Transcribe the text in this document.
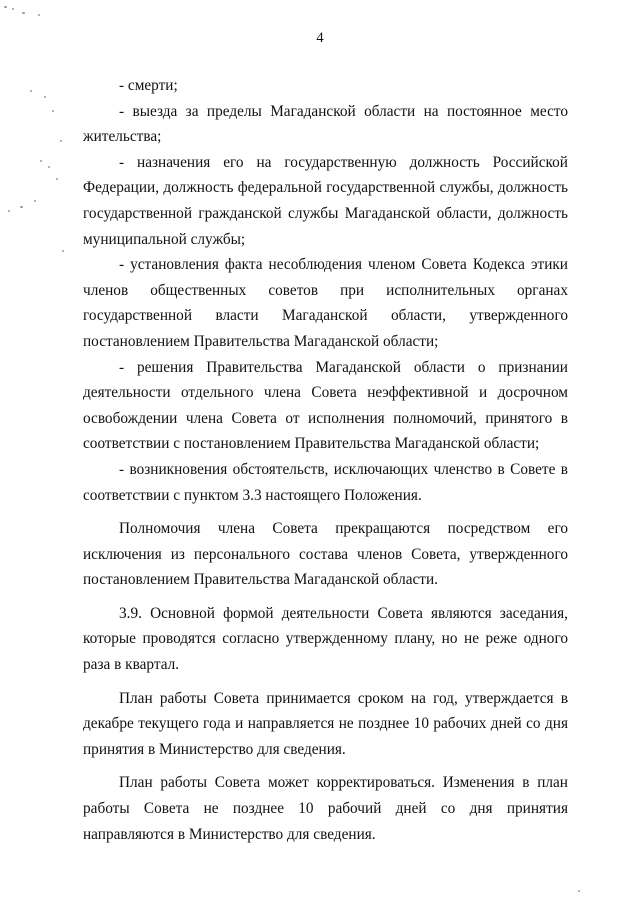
4

- смерти;

- выезда за пределы Магаданской области на постоянное место жительства;

- назначения его на государственную должность Российской Федерации, должность федеральной государственной службы, должность государственной гражданской службы Магаданской области, должность муниципальной службы;

- установления факта несоблюдения членом Совета Кодекса этики членов общественных советов при исполнительных органах государственной власти Магаданской области, утвержденного постановлением Правительства Магаданской области;

- решения Правительства Магаданской области о признании деятельности отдельного члена Совета неэффективной и досрочном освобождении члена Совета от исполнения полномочий, принятого в соответствии с постановлением Правительства Магаданской области;

- возникновения обстоятельств, исключающих членство в Совете в соответствии с пунктом 3.3 настоящего Положения.

Полномочия члена Совета прекращаются посредством его исключения из персонального состава членов Совета, утвержденного постановлением Правительства Магаданской области.

3.9. Основной формой деятельности Совета являются заседания, которые проводятся согласно утвержденному плану, но не реже одного раза в квартал.

План работы Совета принимается сроком на год, утверждается в декабре текущего года и направляется не позднее 10 рабочих дней со дня принятия в Министерство для сведения.

План работы Совета может корректироваться. Изменения в план работы Совета не позднее 10 рабочий дней со дня принятия направляются в Министерство для сведения.
